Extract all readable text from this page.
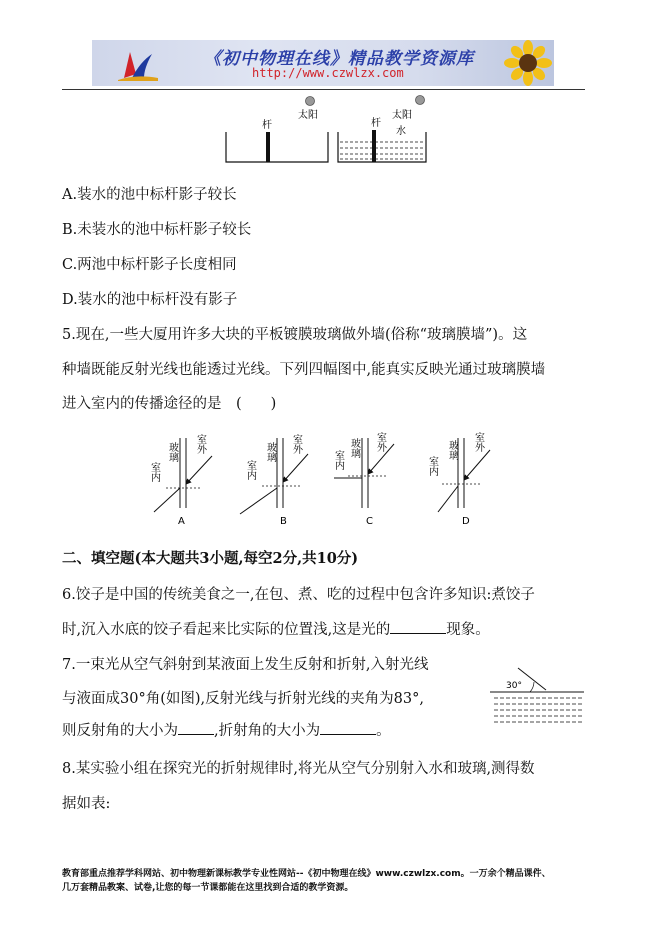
《初中物理在线》精品教学资源库
http://www.czwlzx.com
杆
太阳
杆
太阳
水
A.装水的池中标杆影子较长
B.未装水的池中标杆影子较长
C.两池中标杆影子长度相同
D.装水的池中标杆没有影子
5.现在,一些大厦用许多大块的平板镀膜玻璃做外墙(俗称“玻璃膜墙”)。这
种墙既能反射光线也能透过光线。下列四幅图中,能真实反映光通过玻璃膜墙
进入室内的传播途径的是　(　　)
室内
玻璃 室外
A
室内
玻璃 室外
B
室内
玻璃 室外
C
室内
玻璃 室外
D
二、填空题(本大题共3小题,每空2分,共10分)
6.饺子是中国的传统美食之一,在包、煮、吃的过程中包含许多知识:煮饺子
时,沉入水底的饺子看起来比实际的位置浅,这是光的	现象。
7.一束光从空气斜射到某液面上发生反射和折射,入射光线
与液面成30°角(如图),反射光线与折射光线的夹角为83°,
则反射角的大小为 ,折射角的大小为	。
30°
8.某实验小组在探究光的折射规律时,将光从空气分别射入水和玻璃,测得数
据如表:
教育部重点推荐学科网站、初中物理新课标教学专业性网站--《初中物理在线》www.czwlzx.com。一万余个精品课件、
几万套精品教案、试卷,让您的每一节课都能在这里找到合适的教学资源。
